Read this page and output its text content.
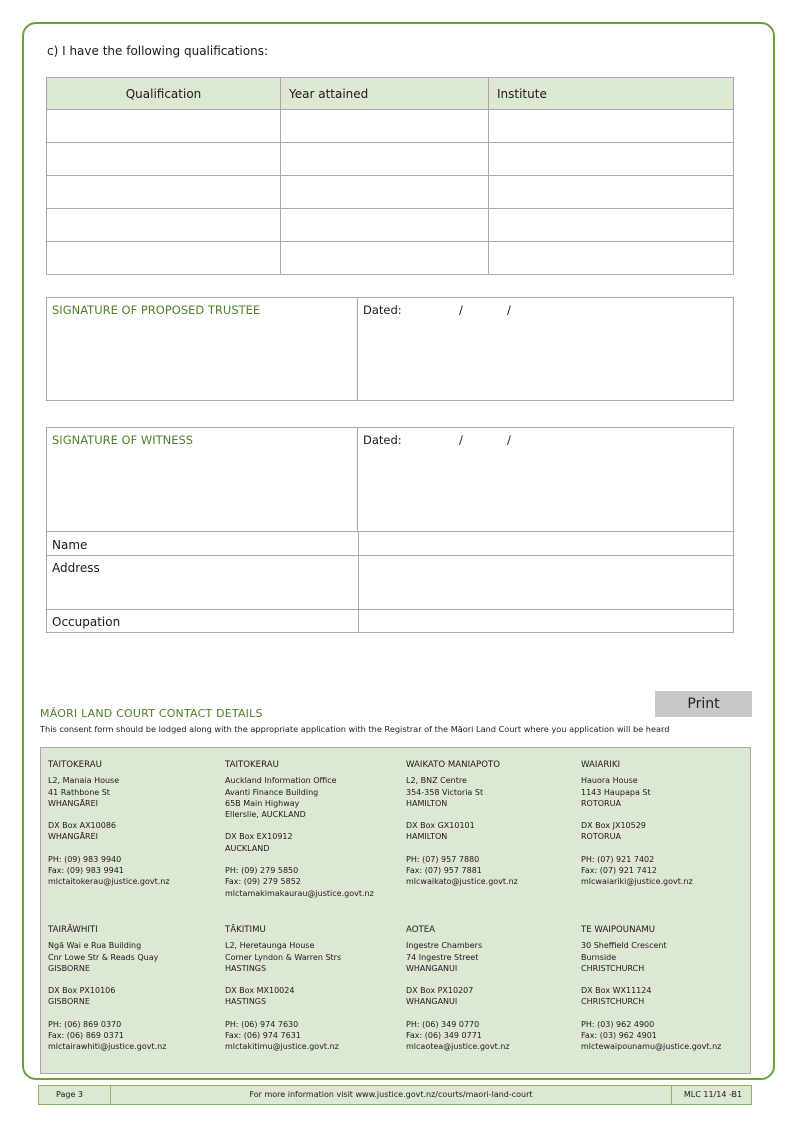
c) I have the following qualifications:
Qualification	Year attained	Institute

SIGNATURE OF PROPOSED TRUSTEE	Dated:	/	/
SIGNATURE OF WITNESS	Dated:	/	/
Name
Address
Occupation
Print
MĀORI LAND COURT CONTACT DETAILS
This consent form should be lodged along with the appropriate application with the Registrar of the Māori Land Court where you application will be heard
TAITOKERAU
L2, Manaia House
41 Rathbone St
WHANGĀREI
DX Box AX10086
WHANGĀREI
PH: (09) 983 9940
Fax: (09) 983 9941
mlctaitokerau@justice.govt.nz
TAITOKERAU
Auckland Information Office
Avanti Finance Building
65B Main Highway
Ellerslie, AUCKLAND
DX Box EX10912
AUCKLAND
PH: (09) 279 5850
Fax: (09) 279 5852
mlctamakimakaurau@justice.govt.nz
WAIKATO MANIAPOTO
L2, BNZ Centre
354-358 Victoria St
HAMILTON
DX Box GX10101
HAMILTON
PH: (07) 957 7880
Fax: (07) 957 7881
mlcwaikato@justice.govt.nz
WAIARIKI
Hauora House
1143 Haupapa St
ROTORUA
DX Box JX10529
ROTORUA
PH: (07) 921 7402
Fax: (07) 921 7412
mlcwaiariki@justice.govt.nz
TAIRĀWHITI
Ngā Wai e Rua Building
Cnr Lowe Str & Reads Quay
GISBORNE
DX Box PX10106
GISBORNE
PH: (06) 869 0370
Fax: (06) 869 0371
mlctairawhiti@justice.govt.nz
TĀKITIMU
L2, Heretaunga House
Corner Lyndon & Warren Strs
HASTINGS
DX Box MX10024
HASTINGS
PH: (06) 974 7630
Fax: (06) 974 7631
mlctakitimu@justice.govt.nz
AOTEA
Ingestre Chambers
74 Ingestre Street
WHANGANUI
DX Box PX10207
WHANGANUI
PH: (06) 349 0770
Fax: (06) 349 0771
mlcaotea@justice.govt.nz
TE WAIPOUNAMU
30 Sheffield Crescent
Burnside
CHRISTCHURCH
DX Box WX11124
CHRISTCHURCH
PH: (03) 962 4900
Fax: (03) 962 4901
mlctewaipounamu@justice.govt.nz
Page 3	For more information visit www.justice.govt.nz/courts/maori-land-court	MLC 11/14 -B1
